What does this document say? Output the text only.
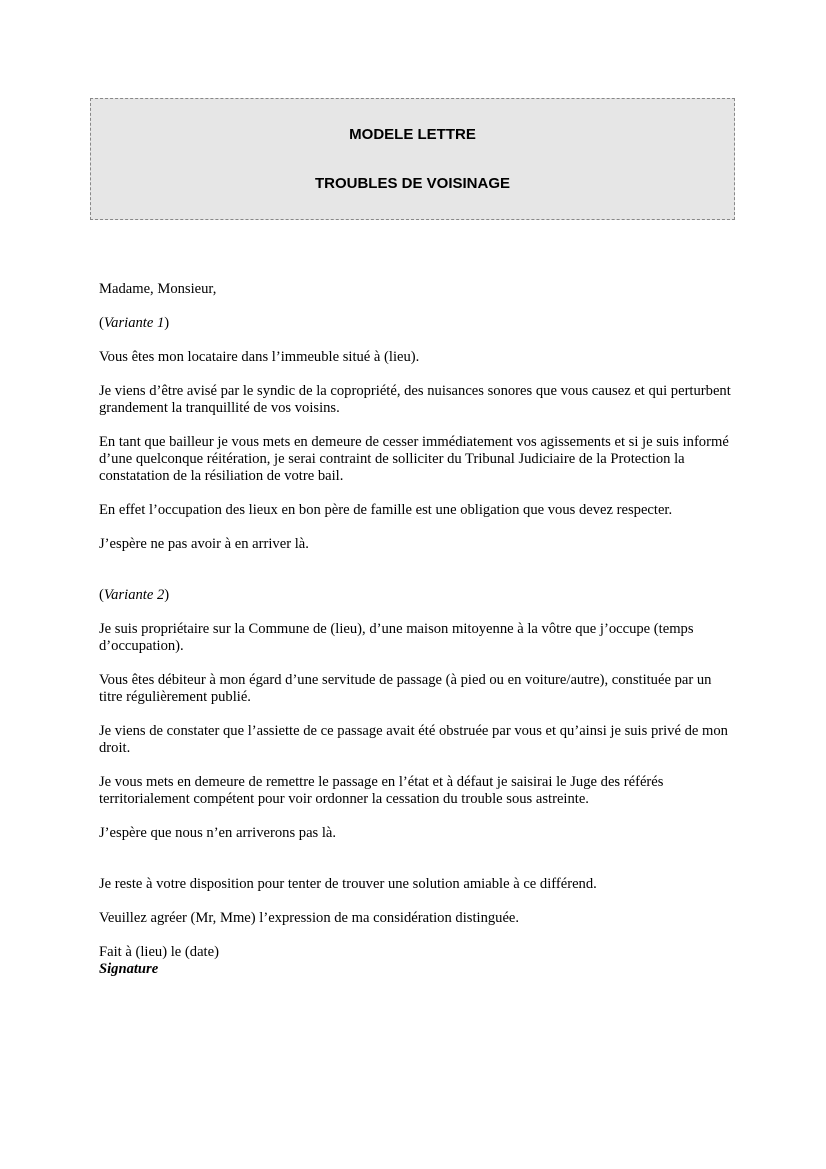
MODELE LETTRE
TROUBLES DE VOISINAGE

Madame, Monsieur,

(Variante 1)

Vous êtes mon locataire dans l’immeuble situé à (lieu).

Je viens d’être avisé par le syndic de la copropriété, des nuisances sonores que vous causez et qui perturbent grandement la tranquillité de vos voisins.

En tant que bailleur je vous mets en demeure de cesser immédiatement vos agissements et si je suis informé d’une quelconque réitération, je serai contraint de solliciter du Tribunal Judiciaire de la Protection la constatation de la résiliation de votre bail.

En effet l’occupation des lieux en bon père de famille est une obligation que vous devez respecter.

J’espère ne pas avoir à en arriver là.

(Variante 2)

Je suis propriétaire sur la Commune de (lieu), d’une maison mitoyenne à la vôtre que j’occupe (temps d’occupation).

Vous êtes débiteur à mon égard d’une servitude de passage (à pied ou en voiture/autre), constituée par un titre régulièrement publié.

Je viens de constater que l’assiette de ce passage avait été obstruée par vous et qu’ainsi je suis privé de mon droit.

Je vous mets en demeure de remettre le passage en l’état et à défaut je saisirai le Juge des référés territorialement compétent pour voir ordonner la cessation du trouble sous astreinte.

J’espère que nous n’en arriverons pas là.

Je reste à votre disposition pour tenter de trouver une solution amiable à ce différend.

Veuillez agréer (Mr, Mme) l’expression de ma considération distinguée.

Fait à (lieu) le (date)

Signature
